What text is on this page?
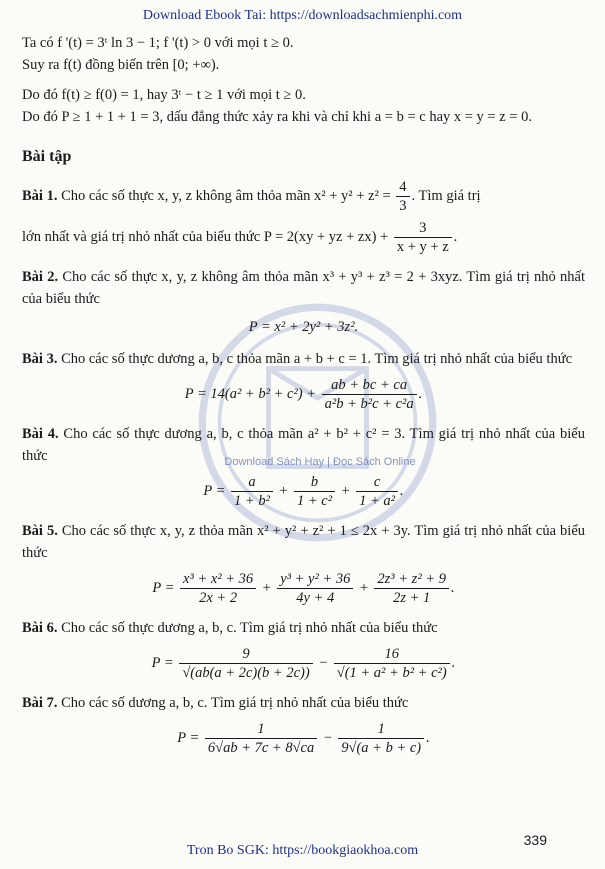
Download Ebook Tai: https://downloadsachmienphi.com
Download Sách Hay | Đọc Sách Online

Ta có f '(t) = 3ᵗ ln 3 − 1; f '(t) > 0 với mọi t ≥ 0.

Suy ra f(t) đồng biến trên [0; +∞).

Do đó f(t) ≥ f(0) = 1, hay 3ᵗ − t ≥ 1 với mọi t ≥ 0.

Do đó P ≥ 1 + 1 + 1 = 3, dấu đẳng thức xảy ra khi và chỉ khi a = b = c hay x = y = z = 0.

Bài tập

Bài 1. Cho các số thực x, y, z không âm thỏa mãn $x^2 + y^2 + z^2 = \frac{4}{3}$ . Tìm giá trị

lớn nhất và giá trị nhỏ nhất của biểu thức P = 2(xy + yz + $zx) + \frac{3}{x + y + z}$ .

Bài 2. Cho các số thực x, y, z không âm thỏa mãn x³ + y³ + z³ = 2 + 3xyz. Tìm giá trị nhỏ nhất của biểu thức

P = x² + 2y² + 3z².

Bài 3. Cho các số thực dương a, b, c thỏa mãn a + b + c = 1. Tìm giá trị nhỏ nhất của biểu thức

$P = 14(a^2 + b^2 + c^2) + \frac{ab + bc + ca}{\text{a²b + b²c + c²a}}$ .

Bài 4. Cho các số thực dương a, b, c thỏa mãn a² + b² + c² = 3. Tìm giá trị nhỏ nhất của biểu thức

$P = \frac{a}{\text{1 + b²}} + \frac{b}{\text{1 + c²}} + \frac{c}{\text{1 + a²}}$ .

Bài 5. Cho các số thực x, y, z thỏa mãn x² + y² + z² + 1 ≤ 2x + 3y. Tìm giá trị nhỏ nhất của biểu thức

$P = \frac{\text{x³ + x² + 36}}{2x + 2} + \frac{\text{y³ + y² + 36}}{4y + 4} + \frac{\text{2z³ + z² + 9}}{2z + 1}$ .

Bài 6. Cho các số thực dương a, b, c. Tìm giá trị nhỏ nhất của biểu thức

$P = \frac{9}{√(ab(a + 2c)(b + 2c))} - \frac{16}{\text{√(1 + a² + b² + c²)}}$ .

Bài 7. Cho các số dương a, b, c. Tìm giá trị nhỏ nhất của biểu thức

$P = \frac{1}{6√ab + 7c + 8√ca} - \frac{1}{9√(a + b + c)}$ .

339
Tron Bo SGK: https://bookgiaokhoa.com
